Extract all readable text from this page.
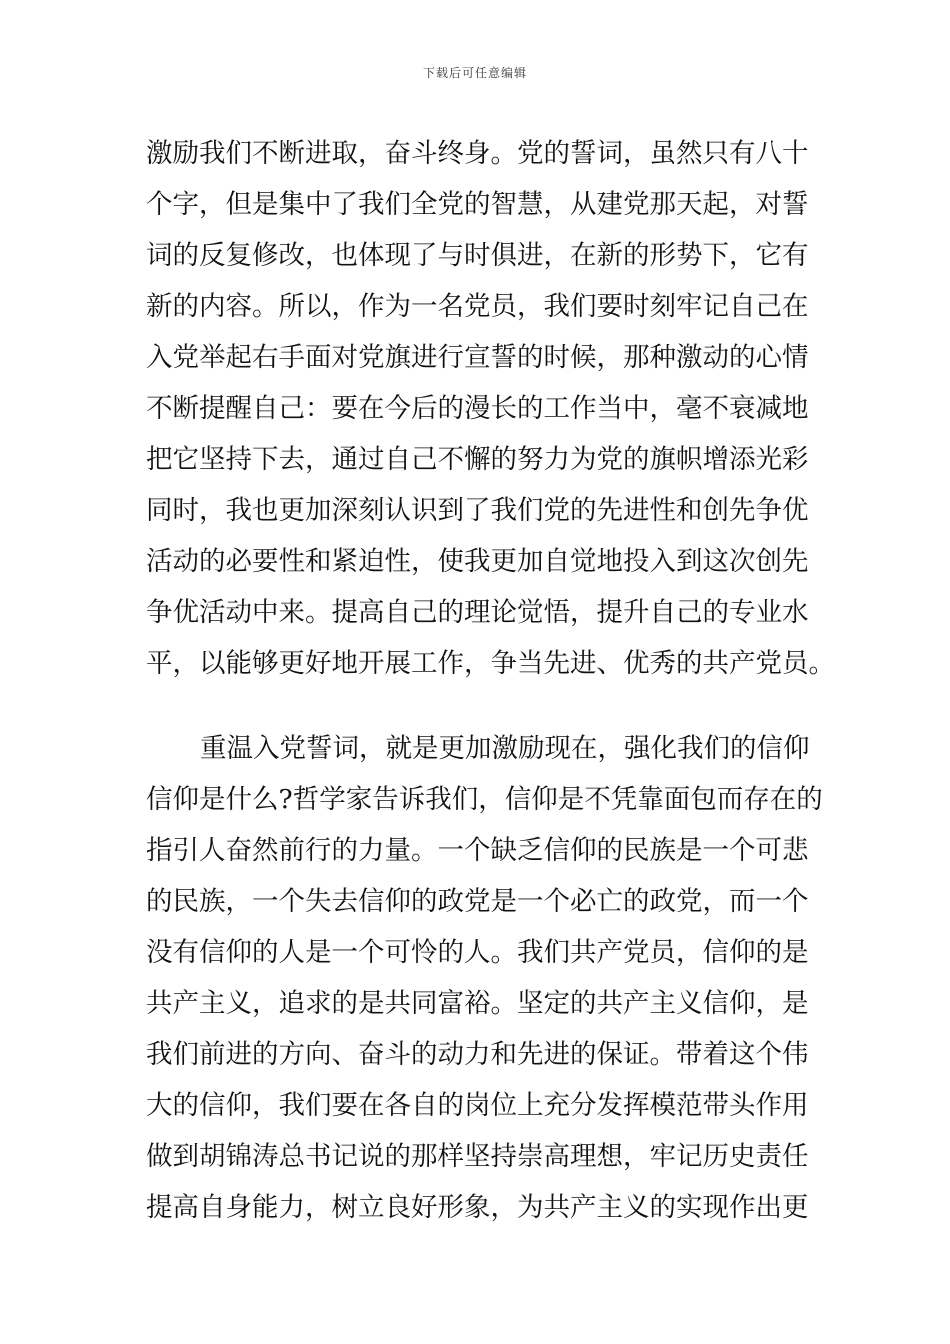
下载后可任意编辑
激励我们不断进取，奋斗终身。党的誓词，虽然只有八十
个字，但是集中了我们全党的智慧，从建党那天起，对誓
词的反复修改，也体现了与时俱进，在新的形势下，它有
新的内容。所以，作为一名党员，我们要时刻牢记自己在
入党举起右手面对党旗进行宣誓的时候，那种激动的心情
不断提醒自己：要在今后的漫长的工作当中，毫不衰减地
把它坚持下去，通过自己不懈的努力为党的旗帜增添光彩
同时，我也更加深刻认识到了我们党的先进性和创先争优
活动的必要性和紧迫性，使我更加自觉地投入到这次创先
争优活动中来。提高自己的理论觉悟，提升自己的专业水
平，以能够更好地开展工作，争当先进、优秀的共产党员。
重温入党誓词，就是更加激励现在，强化我们的信仰
信仰是什么?哲学家告诉我们，信仰是不凭靠面包而存在的
指引人奋然前行的力量。一个缺乏信仰的民族是一个可悲
的民族，一个失去信仰的政党是一个必亡的政党，而一个
没有信仰的人是一个可怜的人。我们共产党员，信仰的是
共产主义，追求的是共同富裕。坚定的共产主义信仰，是
我们前进的方向、奋斗的动力和先进的保证。带着这个伟
大的信仰，我们要在各自的岗位上充分发挥模范带头作用
做到胡锦涛总书记说的那样坚持崇高理想，牢记历史责任
提高自身能力，树立良好形象，为共产主义的实现作出更
